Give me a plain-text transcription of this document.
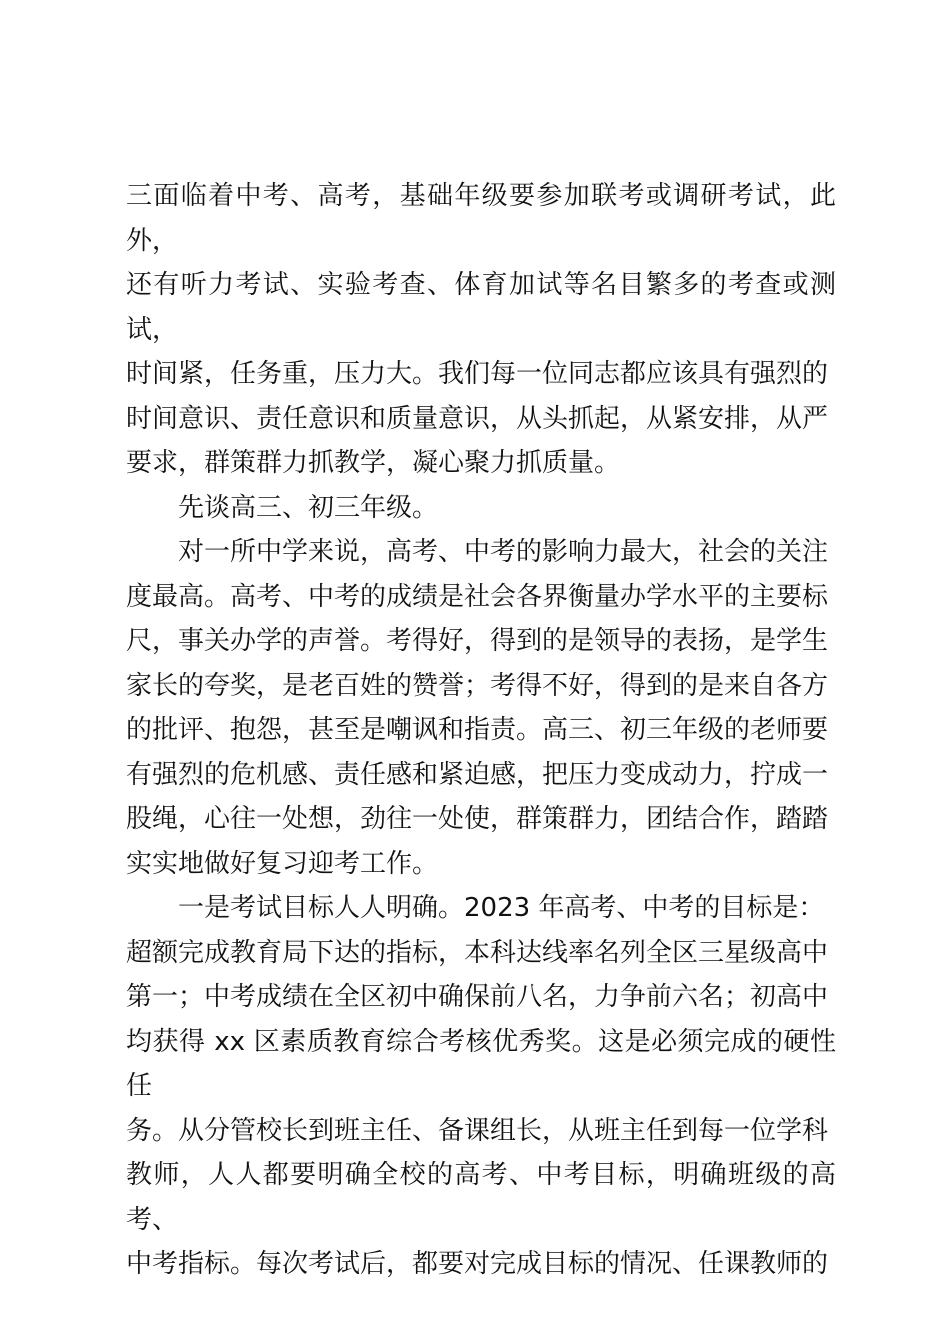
三面临着中考、高考，基础年级要参加联考或调研考试，此外，
还有听力考试、实验考查、体育加试等名目繁多的考查或测试，
时间紧，任务重，压力大。我们每一位同志都应该具有强烈的
时间意识、责任意识和质量意识，从头抓起，从紧安排，从严
要求，群策群力抓教学，凝心聚力抓质量。
先谈高三、初三年级。
对一所中学来说，高考、中考的影响力最大，社会的关注
度最高。高考、中考的成绩是社会各界衡量办学水平的主要标
尺，事关办学的声誉。考得好，得到的是领导的表扬，是学生
家长的夸奖，是老百姓的赞誉；考得不好，得到的是来自各方
的批评、抱怨，甚至是嘲讽和指责。高三、初三年级的老师要
有强烈的危机感、责任感和紧迫感，把压力变成动力，拧成一
股绳，心往一处想，劲往一处使，群策群力，团结合作，踏踏
实实地做好复习迎考工作。
一是考试目标人人明确。2023 年高考、中考的目标是：
超额完成教育局下达的指标，本科达线率名列全区三星级高中
第一；中考成绩在全区初中确保前八名，力争前六名；初高中
均获得 xx 区素质教育综合考核优秀奖。这是必须完成的硬性任
务。从分管校长到班主任、备课组长，从班主任到每一位学科
教师，人人都要明确全校的高考、中考目标，明确班级的高考、
中考指标。每次考试后，都要对完成目标的情况、任课教师的
